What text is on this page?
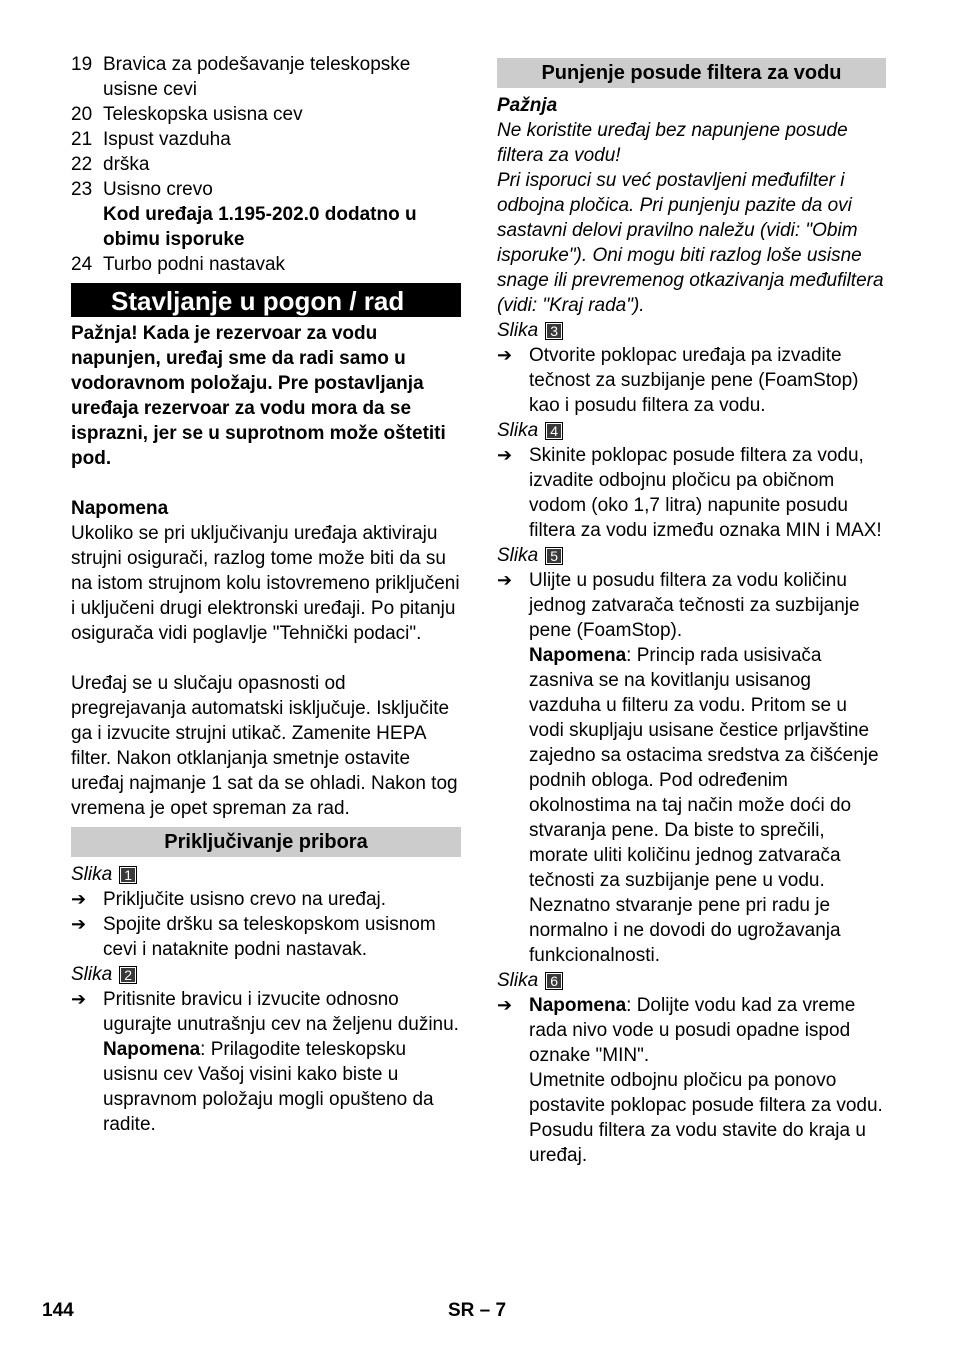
19 Bravica za podešavanje teleskopske usisne cevi
20 Teleskopska usisna cev
21 Ispust vazduha
22 drška
23 Usisno crevo
Kod uređaja 1.195-202.0 dodatno u obimu isporuke
24 Turbo podni nastavak
Stavljanje u pogon / rad
Pažnja! Kada je rezervoar za vodu napunjen, uređaj sme da radi samo u vodoravnom položaju. Pre postavljanja uređaja rezervoar za vodu mora da se isprazni, jer se u suprotnom može oštetiti pod.
Napomena
Ukoliko se pri uključivanju uređaja aktiviraju strujni osigurači, razlog tome može biti da su na istom strujnom kolu istovremeno priključeni i uključeni drugi elektronski uređaji. Po pitanju osigurača vidi poglavlje "Tehnički podaci".
Uređaj se u slučaju opasnosti od pregrejavanja automatski isključuje. Isključite ga i izvucite strujni utikač. Zamenite HEPA filter. Nakon otklanjanja smetnje ostavite uređaj najmanje 1 sat da se ohladi. Nakon tog vremena je opet spreman za rad.
Priključivanje pribora
Slika 1
➔ Priključite usisno crevo na uređaj.
➔ Spojite dršku sa teleskopskom usisnom cevi i nataknite podni nastavak.
Slika 2
➔ Pritisnite bravicu i izvucite odnosno ugurajte unutrašnju cev na željenu dužinu.
Napomena: Prilagodite teleskopsku usisnu cev Vašoj visini kako biste u uspravnom položaju mogli opušteno da radite.
Punjenje posude filtera za vodu
Pažnja
Ne koristite uređaj bez napunjene posude filtera za vodu!
Pri isporuci su već postavljeni međufilter i odbojna pločica. Pri punjenju pazite da ovi sastavni delovi pravilno naležu (vidi: "Obim isporuke"). Oni mogu biti razlog loše usisne snage ili prevremenog otkazivanja međufiltera (vidi: "Kraj rada").
Slika 3
➔ Otvorite poklopac uređaja pa izvadite tečnost za suzbijanje pene (FoamStop) kao i posudu filtera za vodu.
Slika 4
➔ Skinite poklopac posude filtera za vodu, izvadite odbojnu pločicu pa običnom vodom (oko 1,7 litra) napunite posudu filtera za vodu između oznaka MIN i MAX!
Slika 5
➔ Ulijte u posudu filtera za vodu količinu jednog zatvarača tečnosti za suzbijanje pene (FoamStop).
Napomena: Princip rada usisivača zasniva se na kovitlanju usisanog vazduha u filteru za vodu. Pritom se u vodi skupljaju usisane čestice prljavštine zajedno sa ostacima sredstva za čišćenje podnih obloga. Pod određenim okolnostima na taj način može doći do stvaranja pene. Da biste to sprečili, morate uliti količinu jednog zatvarača tečnosti za suzbijanje pene u vodu. Neznatno stvaranje pene pri radu je normalno i ne dovodi do ugrožavanja funkcionalnosti.
Slika 6
➔ Napomena: Dolijte vodu kad za vreme rada nivo vode u posudi opadne ispod oznake "MIN".
Umetnite odbojnu pločicu pa ponovo postavite poklopac posude filtera za vodu. Posudu filtera za vodu stavite do kraja u uređaj.
144	SR – 7
